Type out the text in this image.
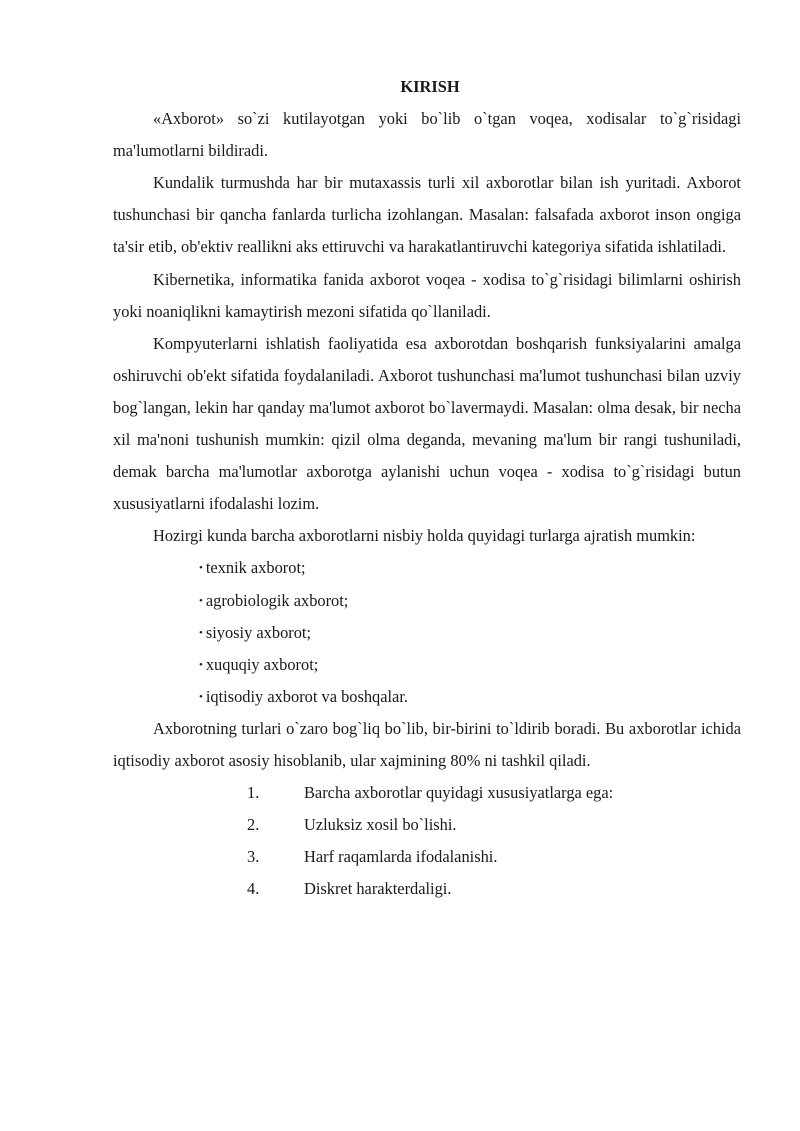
KIRISH

«Axborot» so`zi kutilayotgan yoki bo`lib o`tgan voqea, xodisalar to`g`risidagi ma'lumotlarni bildiradi.

Kundalik turmushda har bir mutaxassis turli xil axborotlar bilan ish yuritadi. Axborot tushunchasi bir qancha fanlarda turlicha izohlangan. Masalan: falsafada axborot inson ongiga ta'sir etib, ob'ektiv reallikni aks ettiruvchi va harakatlantiruvchi kategoriya sifatida ishlatiladi.

Kibernetika, informatika fanida axborot voqea - xodisa to`g`risidagi bilimlarni oshirish yoki noaniqlikni kamaytirish mezoni sifatida qo`llaniladi.

Kompyuterlarni ishlatish faoliyatida esa axborotdan boshqarish funksiyalarini amalga oshiruvchi ob'ekt sifatida foydalaniladi. Axborot tushunchasi ma'lumot tushunchasi bilan uzviy bog`langan, lekin har qanday ma'lumot axborot bo`lavermaydi. Masalan: olma desak, bir necha xil ma'noni tushunish mumkin: qizil olma deganda, mevaning ma'lum bir rangi tushuniladi, demak barcha ma'lumotlar axborotga aylanishi uchun voqea - xodisa to`g`risidagi butun xususiyatlarni ifodalashi lozim.

Hozirgi kunda barcha axborotlarni nisbiy holda quyidagi turlarga ajratish mumkin:

• texnik axborot;
• agrobiologik axborot;
• siyosiy axborot;
• xuquqiy axborot;
• iqtisodiy axborot va boshqalar.

Axborotning turlari o`zaro bog`liq bo`lib, bir-birini to`ldirib boradi. Bu axborotlar ichida iqtisodiy axborot asosiy hisoblanib, ular xajmining 80% ni tashkil qiladi.

1.	Barcha axborotlar quyidagi xususiyatlarga ega:
2.	Uzluksiz xosil bo`lishi.
3.	Harf raqamlarda ifodalanishi.
4.	Diskret harakterdaligi.
